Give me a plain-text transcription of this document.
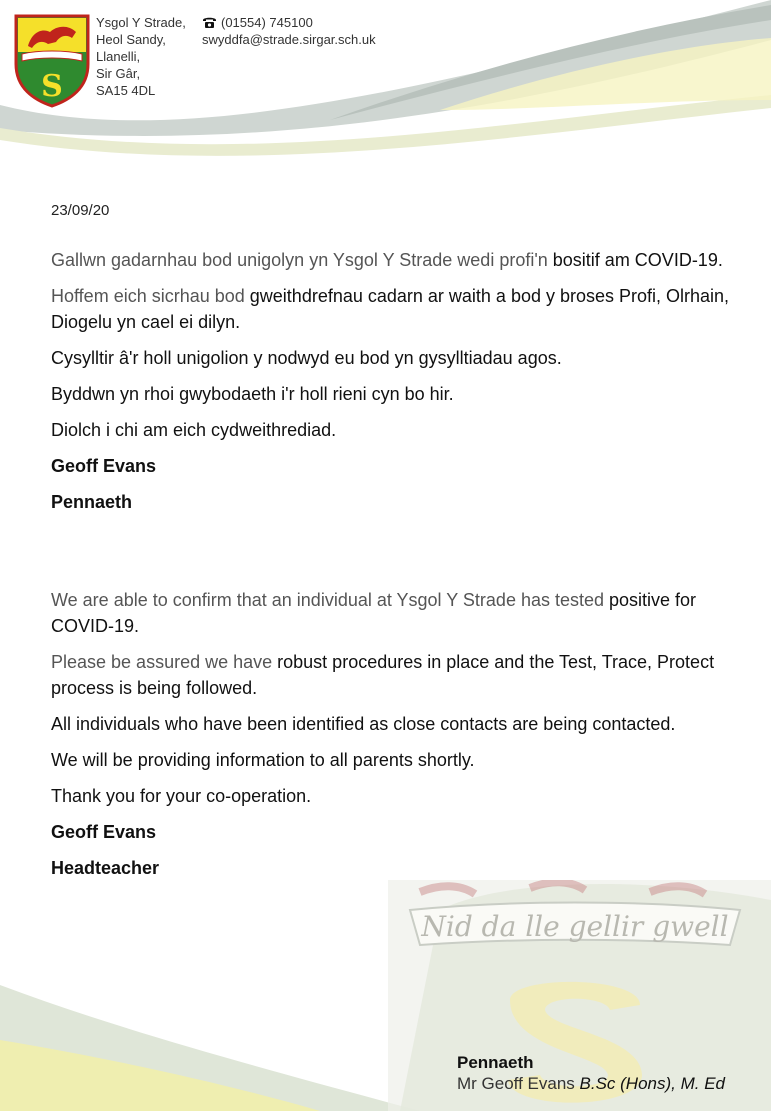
S
Ysgol Y Strade,
Heol Sandy,
Llanelli,
Sir Gâr,
SA15 4DL
(01554) 745100
swyddfa@strade.sirgar.sch.uk
23/09/20

Gallwn gadarnhau bod unigolyn yn Ysgol Y Strade wedi profi'n bositif am COVID-19.

Hoffem eich sicrhau bod gweithdrefnau cadarn ar waith a bod y broses Profi, Olrhain, Diogelu yn cael ei dilyn.

Cysylltir â'r holl unigolion y nodwyd eu bod yn gysylltiadau agos.

Byddwn yn rhoi gwybodaeth i'r holl rieni cyn bo hir.

Diolch i chi am eich cydweithrediad.

Geoff Evans

Pennaeth

We are able to confirm that an individual at Ysgol Y Strade has tested positive for COVID-19.

Please be assured we have robust procedures in place and the Test, Trace, Protect process is being followed.

All individuals who have been identified as close contacts are being contacted.

We will be providing information to all parents shortly.

Thank you for your co-operation.

Geoff Evans

Headteacher

Nid da lle gellir gwell
Pennaeth
Mr Geoff Evans B.Sc (Hons), M. Ed
